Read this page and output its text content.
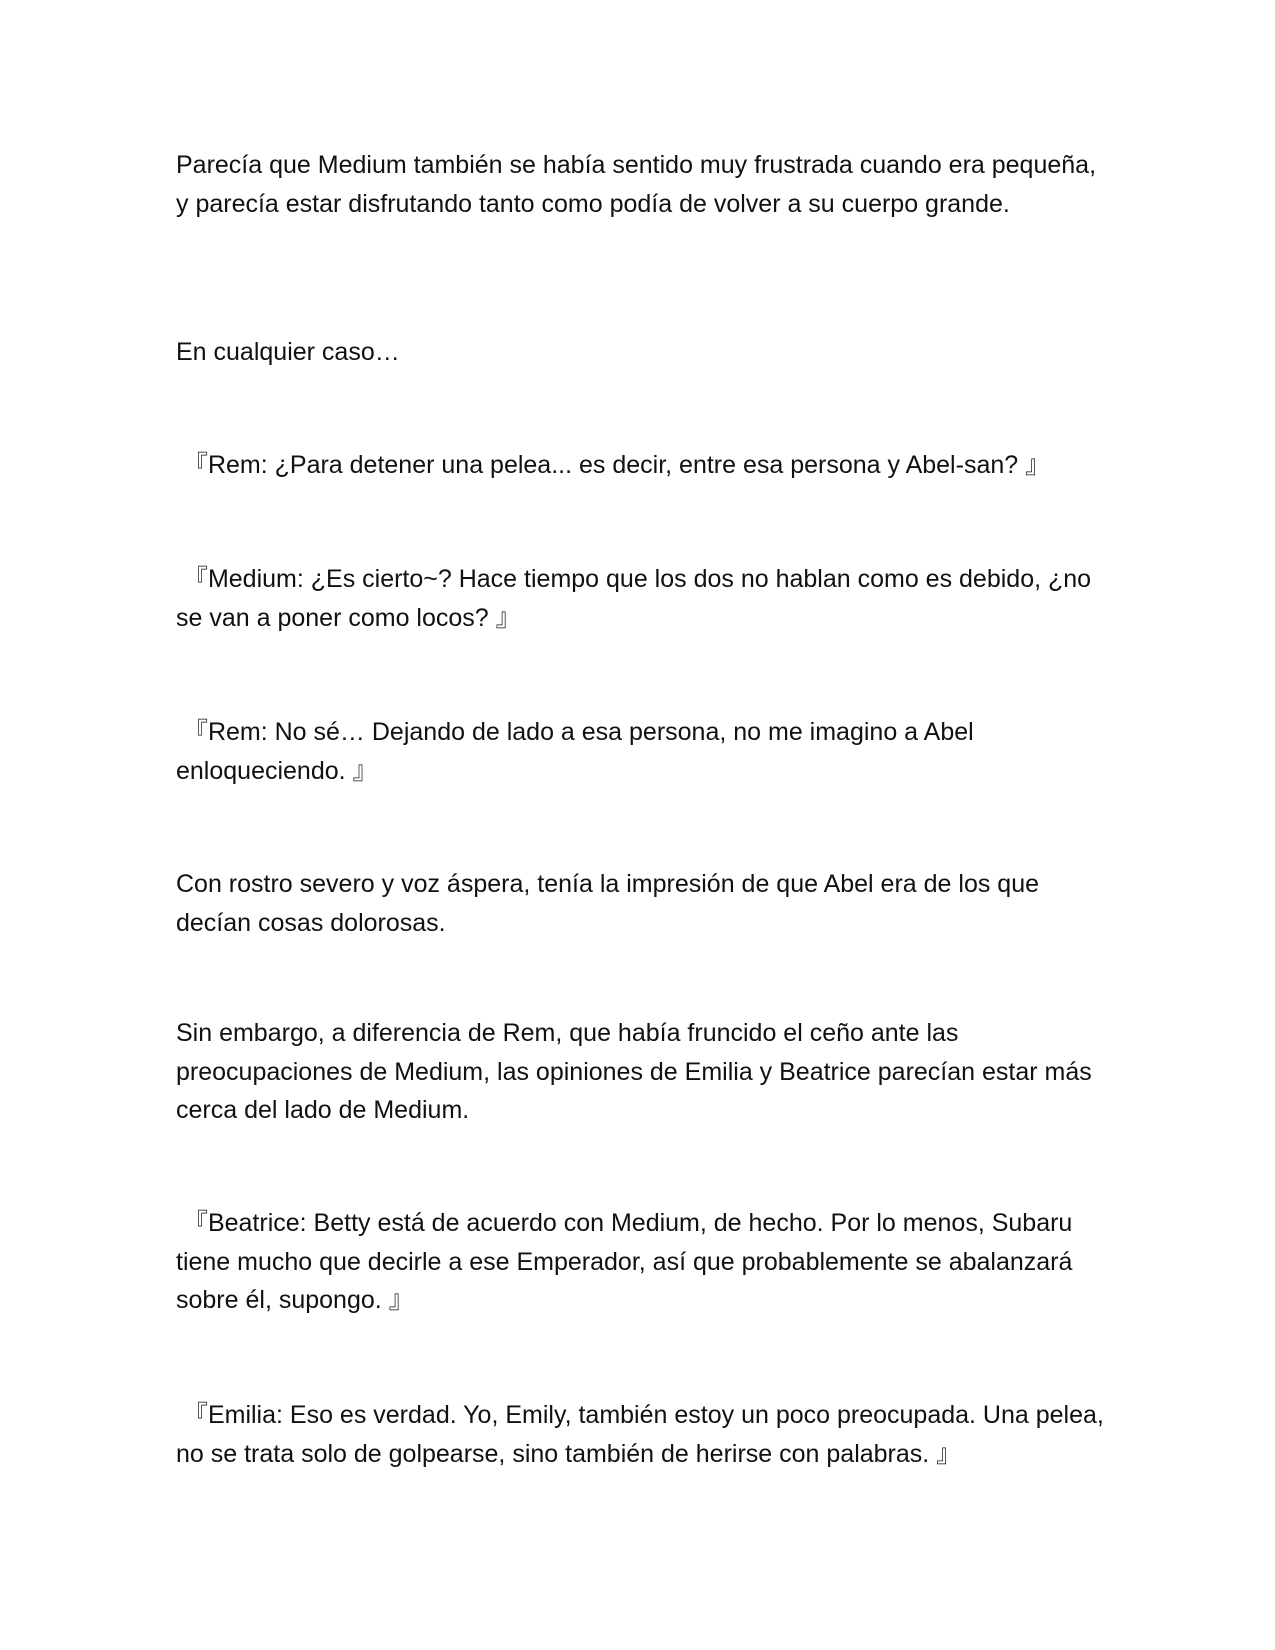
Parecía que Medium también se había sentido muy frustrada cuando era pequeña, y parecía estar disfrutando tanto como podía de volver a su cuerpo grande.

En cualquier caso…

『Rem: ¿Para detener una pelea... es decir, entre esa persona y Abel-san? 』

『Medium: ¿Es cierto~? Hace tiempo que los dos no hablan como es debido, ¿no se van a poner como locos? 』

『Rem: No sé… Dejando de lado a esa persona, no me imagino a Abel enloqueciendo. 』

Con rostro severo y voz áspera, tenía la impresión de que Abel era de los que decían cosas dolorosas.

Sin embargo, a diferencia de Rem, que había fruncido el ceño ante las preocupaciones de Medium, las opiniones de Emilia y Beatrice parecían estar más cerca del lado de Medium.

『Beatrice: Betty está de acuerdo con Medium, de hecho. Por lo menos, Subaru tiene mucho que decirle a ese Emperador, así que probablemente se abalanzará sobre él, supongo. 』

『Emilia: Eso es verdad. Yo, Emily, también estoy un poco preocupada. Una pelea, no se trata solo de golpearse, sino también de herirse con palabras. 』
